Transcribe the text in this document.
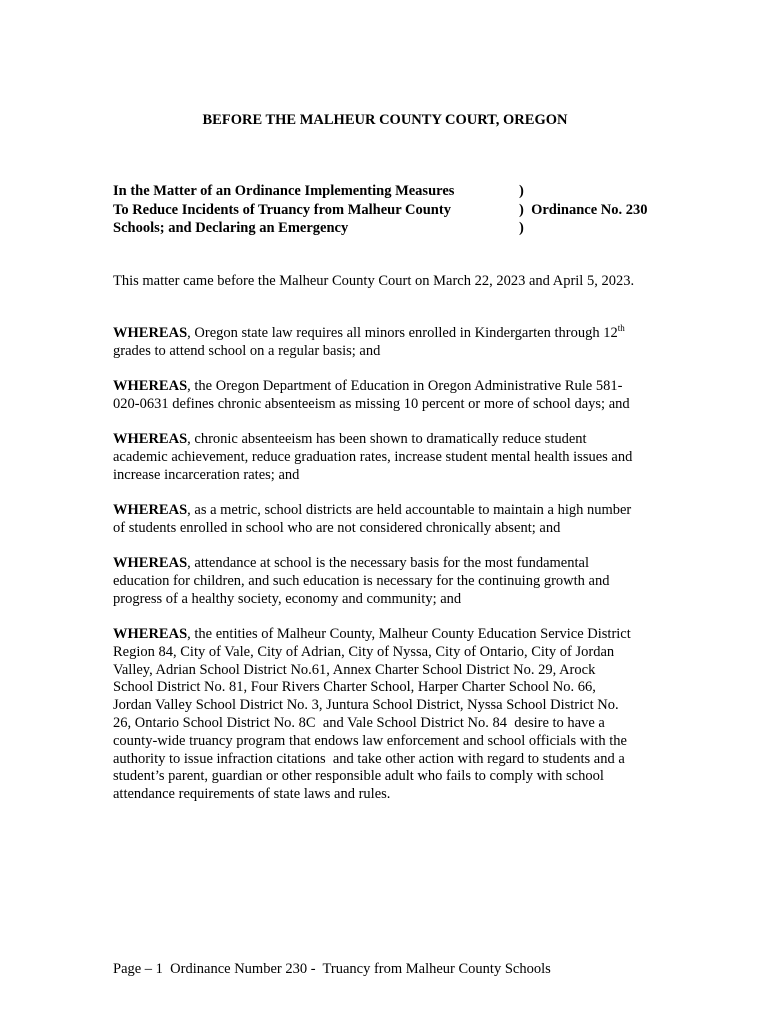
BEFORE THE MALHEUR COUNTY COURT, OREGON
In the Matter of an Ordinance Implementing Measures
To Reduce Incidents of Truancy from Malheur County
Schools; and Declaring an Emergency
)
)  Ordinance No. 230
)
This matter came before the Malheur County Court on March 22, 2023 and April 5, 2023.
WHEREAS, Oregon state law requires all minors enrolled in Kindergarten through 12th
grades to attend school on a regular basis; and
WHEREAS, the Oregon Department of Education in Oregon Administrative Rule 581-
020-0631 defines chronic absenteeism as missing 10 percent or more of school days; and
WHEREAS, chronic absenteeism has been shown to dramatically reduce student
academic achievement, reduce graduation rates, increase student mental health issues and
increase incarceration rates; and
WHEREAS, as a metric, school districts are held accountable to maintain a high number
of students enrolled in school who are not considered chronically absent; and
WHEREAS, attendance at school is the necessary basis for the most fundamental
education for children, and such education is necessary for the continuing growth and
progress of a healthy society, economy and community; and
WHEREAS, the entities of Malheur County, Malheur County Education Service District
Region 84, City of Vale, City of Adrian, City of Nyssa, City of Ontario, City of Jordan
Valley, Adrian School District No.61, Annex Charter School District No. 29, Arock
School District No. 81, Four Rivers Charter School, Harper Charter School No. 66,
Jordan Valley School District No. 3, Juntura School District, Nyssa School District No.
26, Ontario School District No. 8C  and Vale School District No. 84  desire to have a
county-wide truancy program that endows law enforcement and school officials with the
authority to issue infraction citations  and take other action with regard to students and a
student’s parent, guardian or other responsible adult who fails to comply with school
attendance requirements of state laws and rules.
Page – 1  Ordinance Number 230 -  Truancy from Malheur County Schools
